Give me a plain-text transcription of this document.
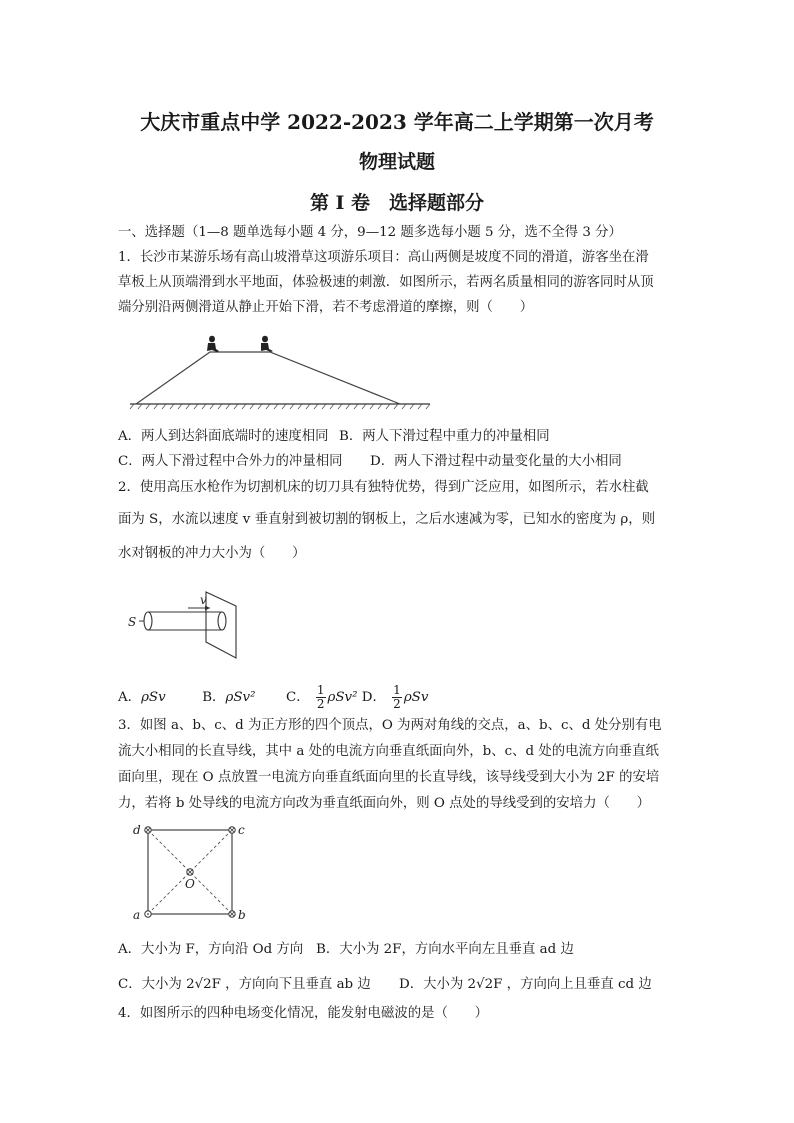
大庆市重点中学 2022-2023 学年高二上学期第一次月考
物理试题
第 I 卷　选择题部分
一、选择题（1—8 题单选每小题 4 分，9—12 题多选每小题 5 分，选不全得 3 分）
1．长沙市某游乐场有高山坡滑草这项游乐项目：高山两侧是坡度不同的滑道，游客坐在滑
草板上从顶端滑到水平地面，体验极速的刺激．如图所示，若两名质量相同的游客同时从顶
端分别沿两侧滑道从静止开始下滑，若不考虑滑道的摩擦，则（　　）
A．两人到达斜面底端时的速度相同 B．两人下滑过程中重力的冲量相同
C．两人下滑过程中合外力的冲量相同 D．两人下滑过程中动量变化量的大小相同
2．使用高压水枪作为切割机床的切刀具有独特优势，得到广泛应用，如图所示，若水柱截
面为 S，水流以速度 v 垂直射到被切割的钢板上，之后水速减为零，已知水的密度为 ρ，则
水对钢板的冲力大小为（　　）
S
v
A．ρSv	B．ρSv² C． $\frac{1}{2} \rho Sv^2$ D． $\frac{1}{2}$ ρSv
3．如图 a、b、c、d 为正方形的四个顶点，O 为两对角线的交点，a、b、c、d 处分别有电
流大小相同的长直导线，其中 a 处的电流方向垂直纸面向外，b、c、d 处的电流方向垂直纸
面向里，现在 O 点放置一电流方向垂直纸面向里的长直导线，该导线受到大小为 2F 的安培
力，若将 b 处导线的电流方向改为垂直纸面向外，则 O 点处的导线受到的安培力（　　）
d	c
a	b
O
A．大小为 F，方向沿 Od 方向 B．大小为 2F，方向水平向左且垂直 ad 边
C．大小为 2√2F ，方向向下且垂直 ab 边 D．大小为 2√2F ，方向向上且垂直 cd 边
4．如图所示的四种电场变化情况，能发射电磁波的是（　　）
